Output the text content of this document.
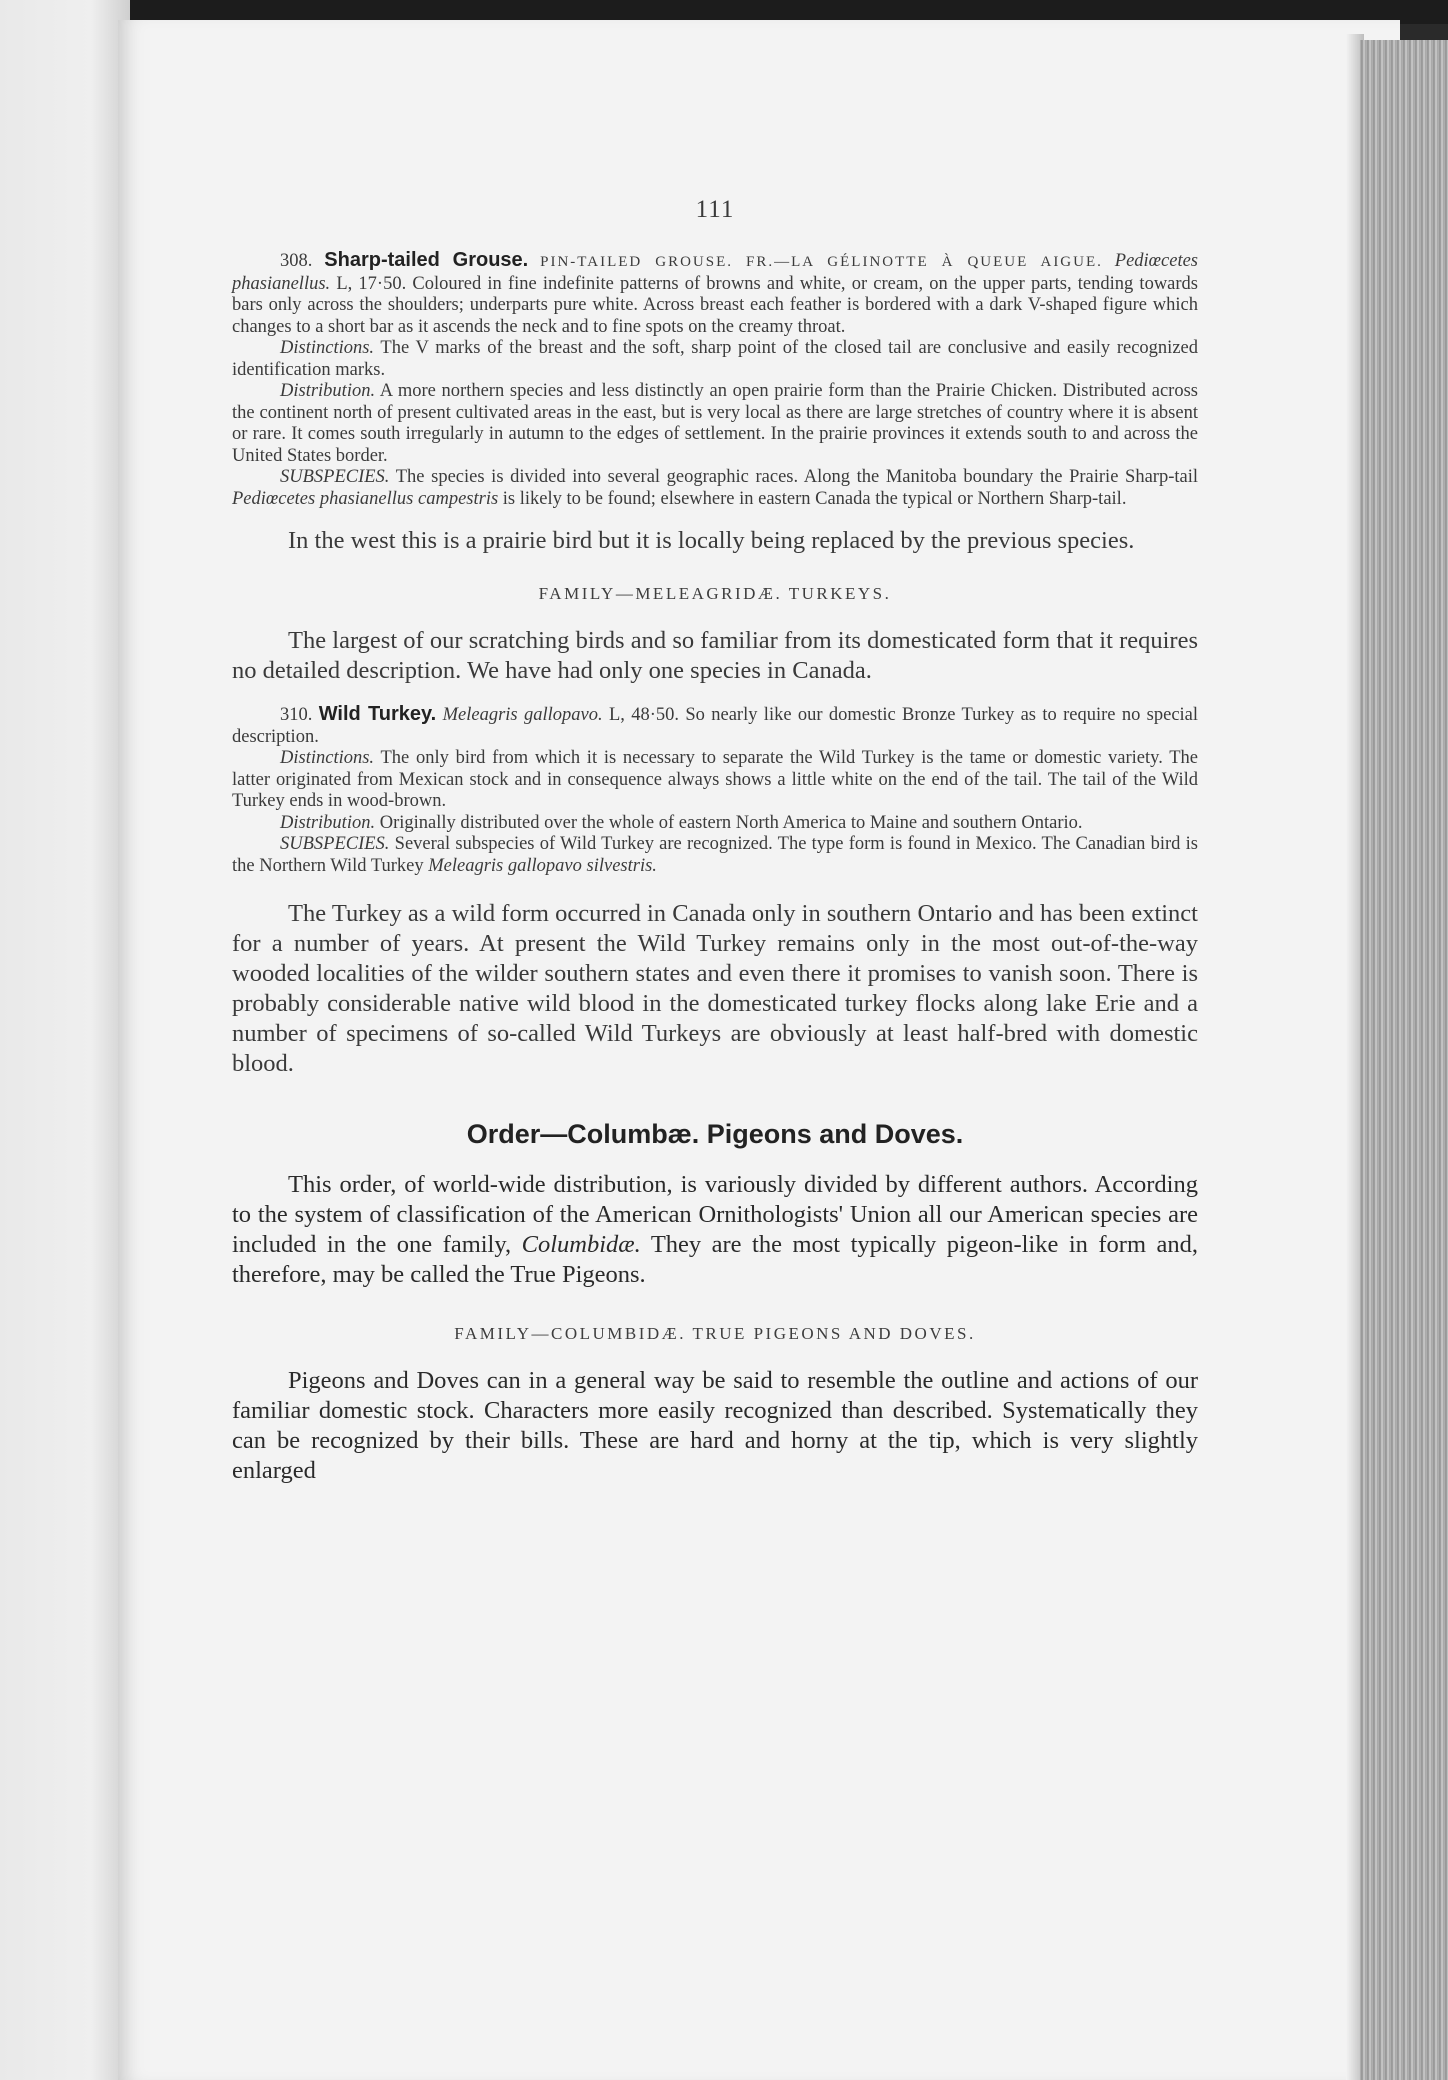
111

308. Sharp-tailed Grouse. PIN-TAILED GROUSE. FR.—LA GÉLINOTTE À QUEUE AIGUE. Pediœcetes phasianellus. L, 17·50. Coloured in fine indefinite patterns of browns and white, or cream, on the upper parts, tending towards bars only across the shoulders; underparts pure white. Across breast each feather is bordered with a dark V-shaped figure which changes to a short bar as it ascends the neck and to fine spots on the creamy throat.

Distinctions. The V marks of the breast and the soft, sharp point of the closed tail are conclusive and easily recognized identification marks.

Distribution. A more northern species and less distinctly an open prairie form than the Prairie Chicken. Distributed across the continent north of present cultivated areas in the east, but is very local as there are large stretches of country where it is absent or rare. It comes south irregularly in autumn to the edges of settlement. In the prairie provinces it extends south to and across the United States border.

SUBSPECIES. The species is divided into several geographic races. Along the Manitoba boundary the Prairie Sharp-tail Pediœcetes phasianellus campestris is likely to be found; elsewhere in eastern Canada the typical or Northern Sharp-tail.

In the west this is a prairie bird but it is locally being replaced by the previous species.

FAMILY—MELEAGRIDÆ. TURKEYS.

The largest of our scratching birds and so familiar from its domesticated form that it requires no detailed description. We have had only one species in Canada.

310. Wild Turkey. Meleagris gallopavo. L, 48·50. So nearly like our domestic Bronze Turkey as to require no special description.

Distinctions. The only bird from which it is necessary to separate the Wild Turkey is the tame or domestic variety. The latter originated from Mexican stock and in consequence always shows a little white on the end of the tail. The tail of the Wild Turkey ends in wood-brown.

Distribution. Originally distributed over the whole of eastern North America to Maine and southern Ontario.

SUBSPECIES. Several subspecies of Wild Turkey are recognized. The type form is found in Mexico. The Canadian bird is the Northern Wild Turkey Meleagris gallopavo silvestris.

The Turkey as a wild form occurred in Canada only in southern Ontario and has been extinct for a number of years. At present the Wild Turkey remains only in the most out-of-the-way wooded localities of the wilder southern states and even there it promises to vanish soon. There is probably considerable native wild blood in the domesticated turkey flocks along lake Erie and a number of specimens of so-called Wild Turkeys are obviously at least half-bred with domestic blood.

Order—Columbæ. Pigeons and Doves.

This order, of world-wide distribution, is variously divided by different authors. According to the system of classification of the American Ornithologists' Union all our American species are included in the one family, Columbidæ. They are the most typically pigeon-like in form and, therefore, may be called the True Pigeons.

FAMILY—COLUMBIDÆ. TRUE PIGEONS AND DOVES.

Pigeons and Doves can in a general way be said to resemble the outline and actions of our familiar domestic stock. Characters more easily recognized than described. Systematically they can be recognized by their bills. These are hard and horny at the tip, which is very slightly enlarged
